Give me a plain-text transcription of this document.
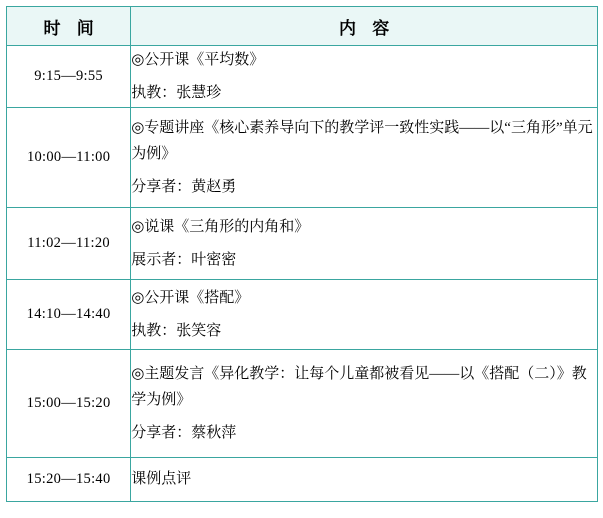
时 间	内 容

9:15—9:55	◎公开课《平均数》
执教：张慧珍

10:00—11:00	◎专题讲座《核心素养导向下的教学评一致性实践——以“三角形”单元为例》
分享者：黄赵勇

11:02—11:20	◎说课《三角形的内角和》
展示者：叶密密

14:10—14:40	◎公开课《搭配》
执教：张笑容

15:00—15:20	◎主题发言《异化教学：让每个儿童都被看见——以《搭配（二）》教学为例》
分享者：蔡秋萍

15:20—15:40	课例点评
